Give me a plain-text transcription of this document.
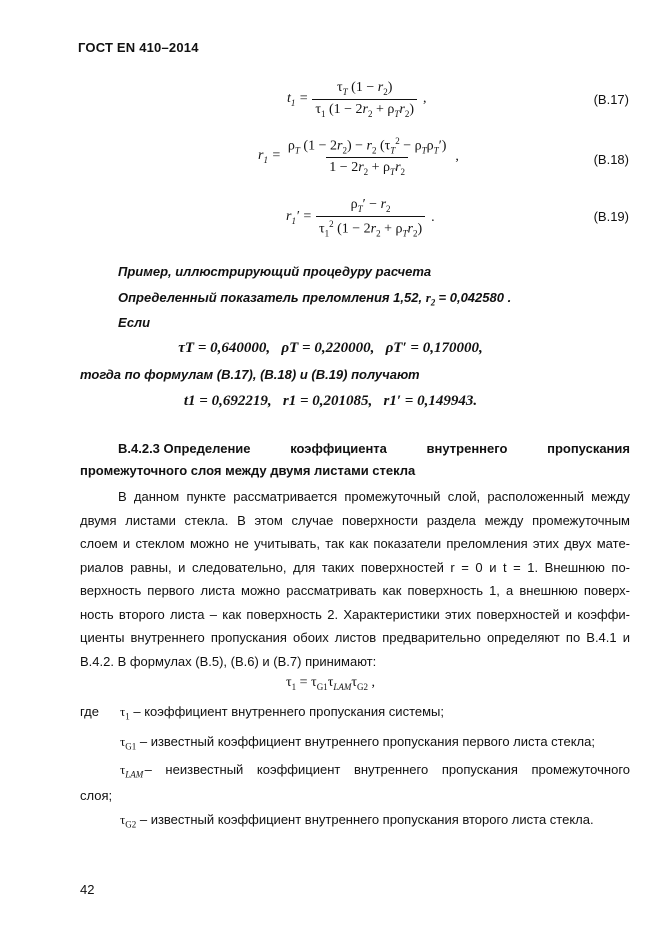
ГОСТ EN 410–2014
$t_1 = \frac{\tau_T (1 - r_2)}{\tau_1 (1 - 2r_2 + \rho_Tr_2)}$ ,	(B.17)
$r_1 = \frac{\rho_T (1 - 2r_2) - r_2 (\tau_T^2 - \rho_T\rho_T')}{1 - 2r_2 + \rho_Tr_2}$ ,	(B.18)
$r_1' = \frac{\rho_T' - r_2}{\tau_1^2 (1 - 2r_2 + \rho_Tr_2)}$ .	(B.19)
Пример, иллюстрирующий процедуру расчета
Определенный показатель преломления 1,52, $r_2 = 0,042580$ .
Если
τT = 0,640000,   ρT = 0,220000,   ρT′ = 0,170000,
тогда по формулам (B.17), (B.18) и (B.19) получают
t1 = 0,692219,   r1 = 0,201085,   r1′ = 0,149943.
B.4.2.3 Определение	коэффициента	внутреннего	пропускания
промежуточного слоя между двумя листами стекла
В данном пункте рассматривается промежуточный слой, расположенный между
двумя листами стекла. В этом случае поверхности раздела между промежуточным
слоем и стеклом можно не учитывать, так как показатели преломления этих двух мате-
риалов равны, и следовательно, для таких поверхностей r = 0 и t = 1. Внешнюю по-
верхность первого листа можно рассматривать как поверхность 1, а внешнюю поверх-
ность второго листа – как поверхность 2. Характеристики этих поверхностей и коэффи-
циенты внутреннего пропускания обоих листов предварительно определяют по B.4.1 и
B.4.2. В формулах (B.5), (B.6) и (B.7) принимают:
$\tau_1 = \tau_{G1}\tau_{LAM}\tau_{G2}$ ,
где $\tau_1$ – коэффициент внутреннего пропускания системы;
$\tau_{G1}$ – известный коэффициент внутреннего пропускания первого листа стекла;
$\tau_{LAM}$ – неизвестный коэффициент внутреннего пропускания промежуточного
слоя;
$\tau_{G2}$ – известный коэффициент внутреннего пропускания второго листа стекла.
42
